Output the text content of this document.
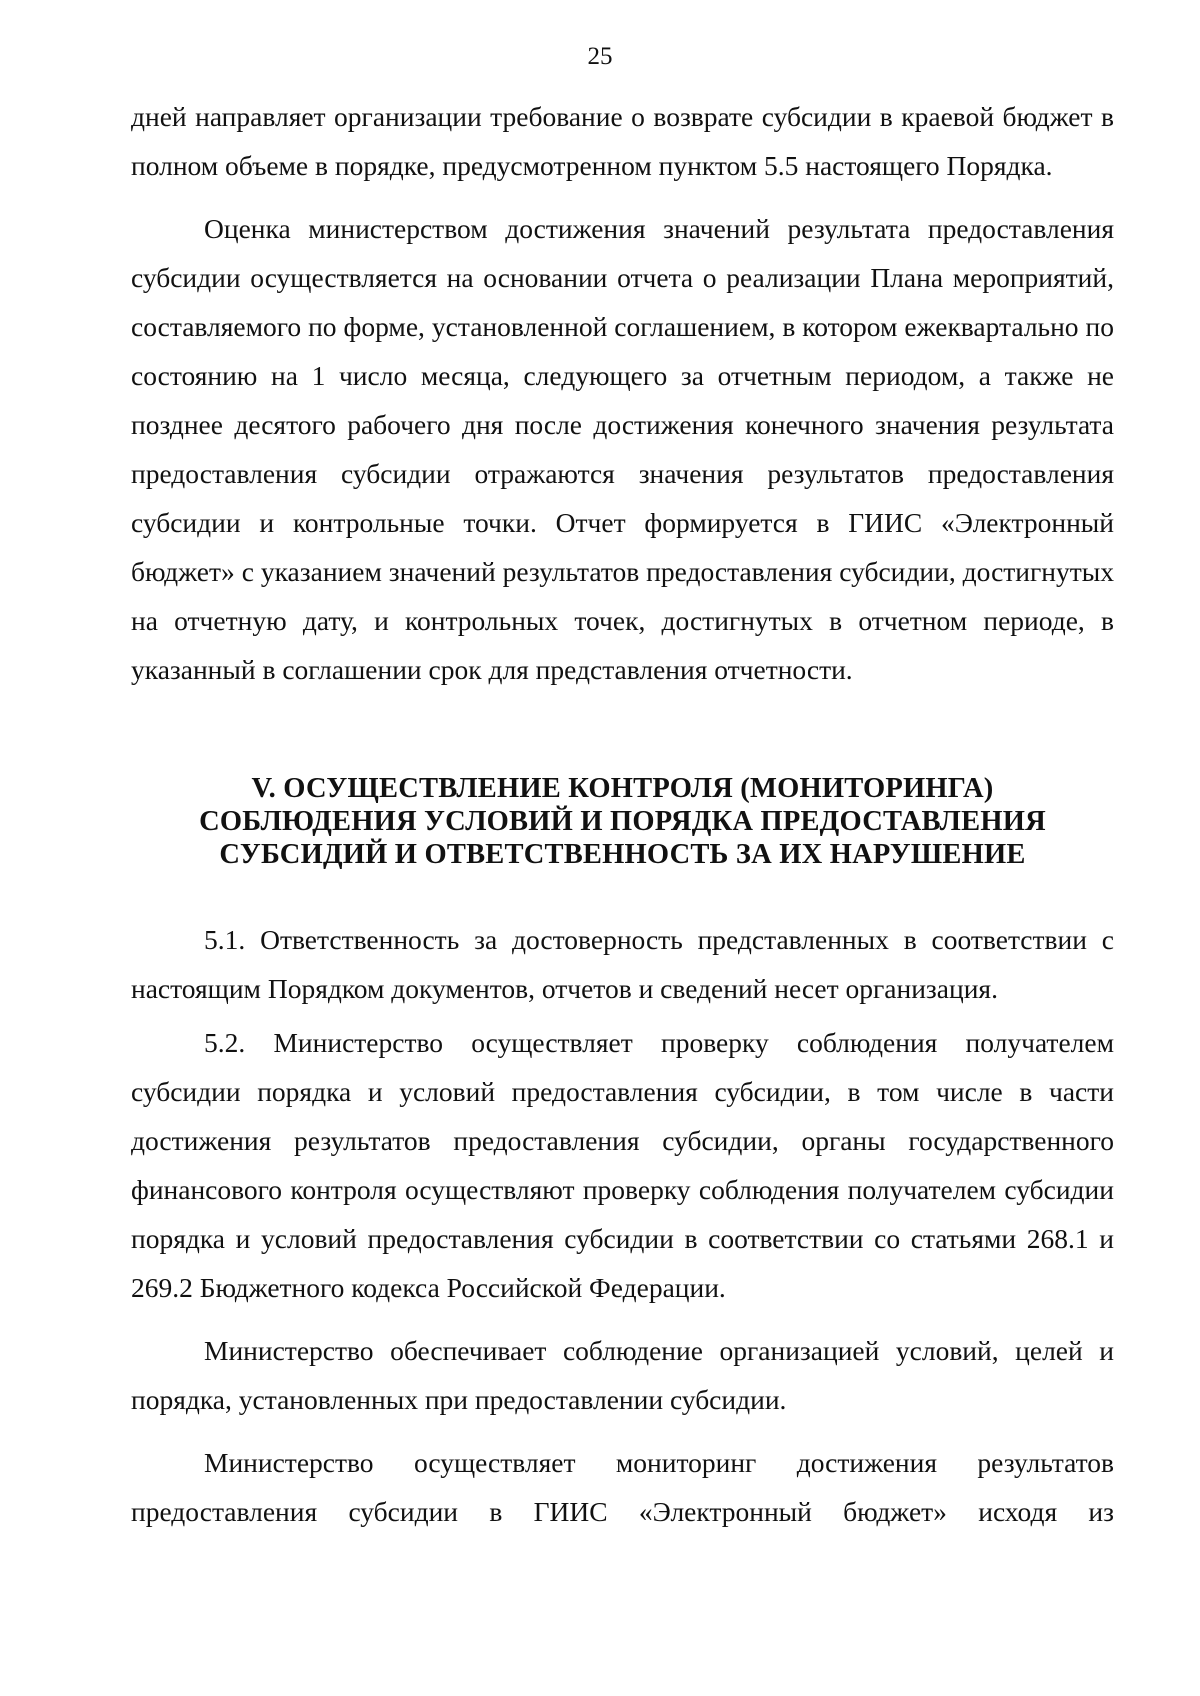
25

дней направляет организации требование о возврате субсидии в краевой бюджет в полном объеме в порядке, предусмотренном пунктом 5.5 настоящего Порядка.

Оценка министерством достижения значений результата предоставления субсидии осуществляется на основании отчета о реализации Плана мероприятий, составляемого по форме, установленной соглашением, в котором ежеквартально по состоянию на 1 число месяца, следующего за отчетным периодом, а также не позднее десятого рабочего дня после достижения конечного значения результата предоставления субсидии отражаются значения результатов предоставления субсидии и контрольные точки. Отчет формируется в ГИИС «Электронный бюджет» с указанием значений результатов предоставления субсидии, достигнутых на отчетную дату, и контрольных точек, достигнутых в отчетном периоде, в указанный в соглашении срок для представления отчетности.

V. ОСУЩЕСТВЛЕНИЕ КОНТРОЛЯ (МОНИТОРИНГА)
СОБЛЮДЕНИЯ УСЛОВИЙ И ПОРЯДКА ПРЕДОСТАВЛЕНИЯ
СУБСИДИЙ И ОТВЕТСТВЕННОСТЬ ЗА ИХ НАРУШЕНИЕ

5.1. Ответственность за достоверность представленных в соответствии с настоящим Порядком документов, отчетов и сведений несет организация.

5.2. Министерство осуществляет проверку соблюдения получателем субсидии порядка и условий предоставления субсидии, в том числе в части достижения результатов предоставления субсидии, органы государственного финансового контроля осуществляют проверку соблюдения получателем субсидии порядка и условий предоставления субсидии в соответствии со статьями 268.1 и 269.2 Бюджетного кодекса Российской Федерации.

Министерство обеспечивает соблюдение организацией условий, целей и порядка, установленных при предоставлении субсидии.

Министерство осуществляет мониторинг достижения результатов предоставления субсидии в ГИИС «Электронный бюджет» исходя из
